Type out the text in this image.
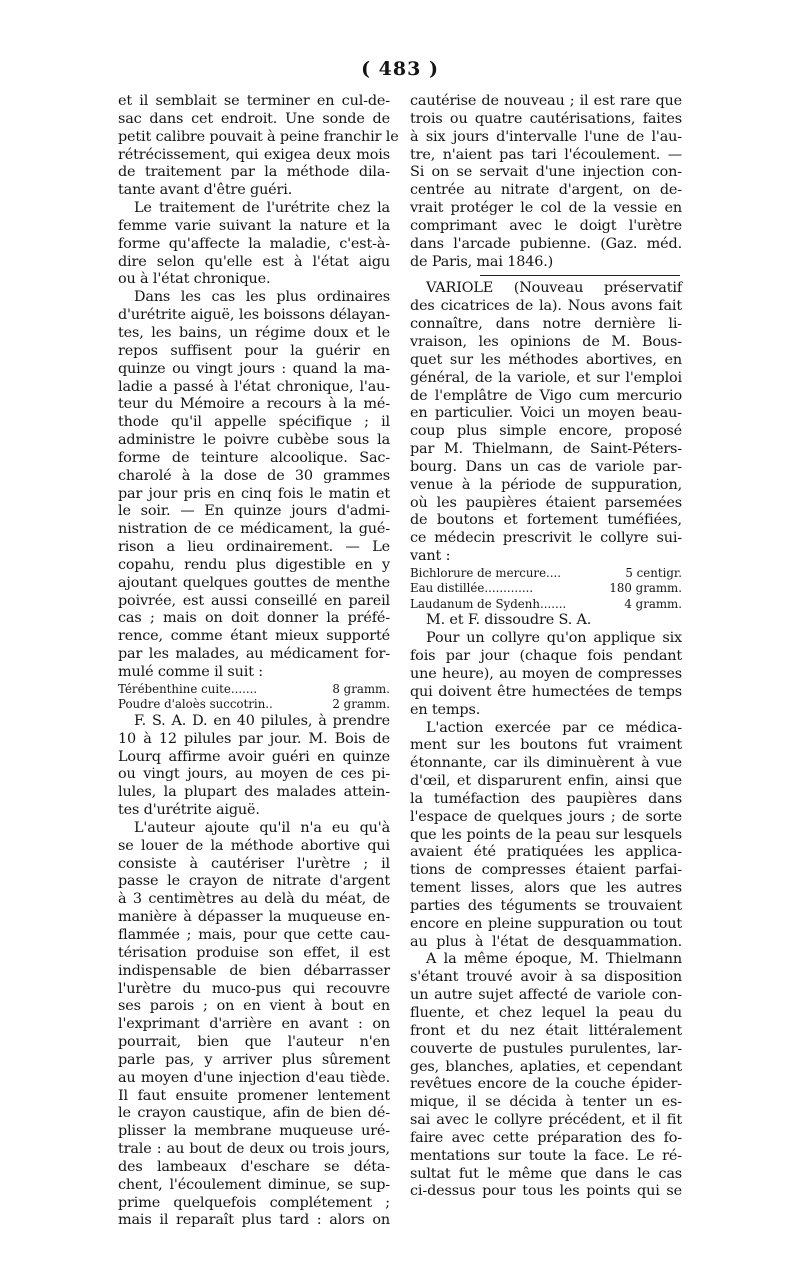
( 483 )
et il semblait se terminer en cul-de-
sac dans cet endroit. Une sonde de
petit calibre pouvait à peine franchir le
rétrécissement, qui exigea deux mois
de traitement par la méthode dila-
tante avant d'être guéri.
Le traitement de l'urétrite chez la
femme varie suivant la nature et la
forme qu'affecte la maladie, c'est-à-
dire selon qu'elle est à l'état aigu
ou à l'état chronique.
Dans les cas les plus ordinaires
d'urétrite aiguë, les boissons délayan-
tes, les bains, un régime doux et le
repos suffisent pour la guérir en
quinze ou vingt jours : quand la ma-
ladie a passé à l'état chronique, l'au-
teur du Mémoire a recours à la mé-
thode qu'il appelle spécifique ; il
administre le poivre cubèbe sous la
forme de teinture alcoolique. Sac-
charolé à la dose de 30 grammes
par jour pris en cinq fois le matin et
le soir. — En quinze jours d'admi-
nistration de ce médicament, la gué-
rison a lieu ordinairement. — Le
copahu, rendu plus digestible en y
ajoutant quelques gouttes de menthe
poivrée, est aussi conseillé en pareil
cas ; mais on doit donner la préfé-
rence, comme étant mieux supporté
par les malades, au médicament for-
mulé comme il suit :
Térébenthine cuite.......	8 gramm.
Poudre d'aloès succotrin..	2 gramm.
F. S. A. D. en 40 pilules, à prendre
10 à 12 pilules par jour. M. Bois de
Lourq affirme avoir guéri en quinze
ou vingt jours, au moyen de ces pi-
lules, la plupart des malades attein-
tes d'urétrite aiguë.
L'auteur ajoute qu'il n'a eu qu'à
se louer de la méthode abortive qui
consiste à cautériser l'urètre ; il
passe le crayon de nitrate d'argent
à 3 centimètres au delà du méat, de
manière à dépasser la muqueuse en-
flammée ; mais, pour que cette cau-
térisation produise son effet, il est
indispensable de bien débarrasser
l'urètre du muco-pus qui recouvre
ses parois ; on en vient à bout en
l'exprimant d'arrière en avant : on
pourrait, bien que l'auteur n'en
parle pas, y arriver plus sûrement
au moyen d'une injection d'eau tiède.
Il faut ensuite promener lentement
le crayon caustique, afin de bien dé-
plisser la membrane muqueuse uré-
trale : au bout de deux ou trois jours,
des lambeaux d'eschare se déta-
chent, l'écoulement diminue, se sup-
prime quelquefois complétement ;
mais il reparaît plus tard : alors on
cautérise de nouveau ; il est rare que
trois ou quatre cautérisations, faites
à six jours d'intervalle l'une de l'au-
tre, n'aient pas tari l'écoulement. —
Si on se servait d'une injection con-
centrée au nitrate d'argent, on de-
vrait protéger le col de la vessie en
comprimant avec le doigt l'urètre
dans l'arcade pubienne. (Gaz. méd.
de Paris, mai 1846.)
VARIOLE (Nouveau préservatif
des cicatrices de la). Nous avons fait
connaître, dans notre dernière li-
vraison, les opinions de M. Bous-
quet sur les méthodes abortives, en
général, de la variole, et sur l'emploi
de l'emplâtre de Vigo cum mercurio
en particulier. Voici un moyen beau-
coup plus simple encore, proposé
par M. Thielmann, de Saint-Péters-
bourg. Dans un cas de variole par-
venue à la période de suppuration,
où les paupières étaient parsemées
de boutons et fortement tuméfiées,
ce médecin prescrivit le collyre sui-
vant :
Bichlorure de mercure....	5 centigr.
Eau distillée.............	180 gramm.
Laudanum de Sydenh.......	4 gramm.
M. et F. dissoudre S. A.
Pour un collyre qu'on applique six
fois par jour (chaque fois pendant
une heure), au moyen de compresses
qui doivent être humectées de temps
en temps.
L'action exercée par ce médica-
ment sur les boutons fut vraiment
étonnante, car ils diminuèrent à vue
d'œil, et disparurent enfin, ainsi que
la tuméfaction des paupières dans
l'espace de quelques jours ; de sorte
que les points de la peau sur lesquels
avaient été pratiquées les applica-
tions de compresses étaient parfai-
tement lisses, alors que les autres
parties des téguments se trouvaient
encore en pleine suppuration ou tout
au plus à l'état de desquammation.
A la même époque, M. Thielmann
s'étant trouvé avoir à sa disposition
un autre sujet affecté de variole con-
fluente, et chez lequel la peau du
front et du nez était littéralement
couverte de pustules purulentes, lar-
ges, blanches, aplaties, et cependant
revêtues encore de la couche épider-
mique, il se décida à tenter un es-
sai avec le collyre précédent, et il fit
faire avec cette préparation des fo-
mentations sur toute la face. Le ré-
sultat fut le même que dans le cas
ci-dessus pour tous les points qui se
